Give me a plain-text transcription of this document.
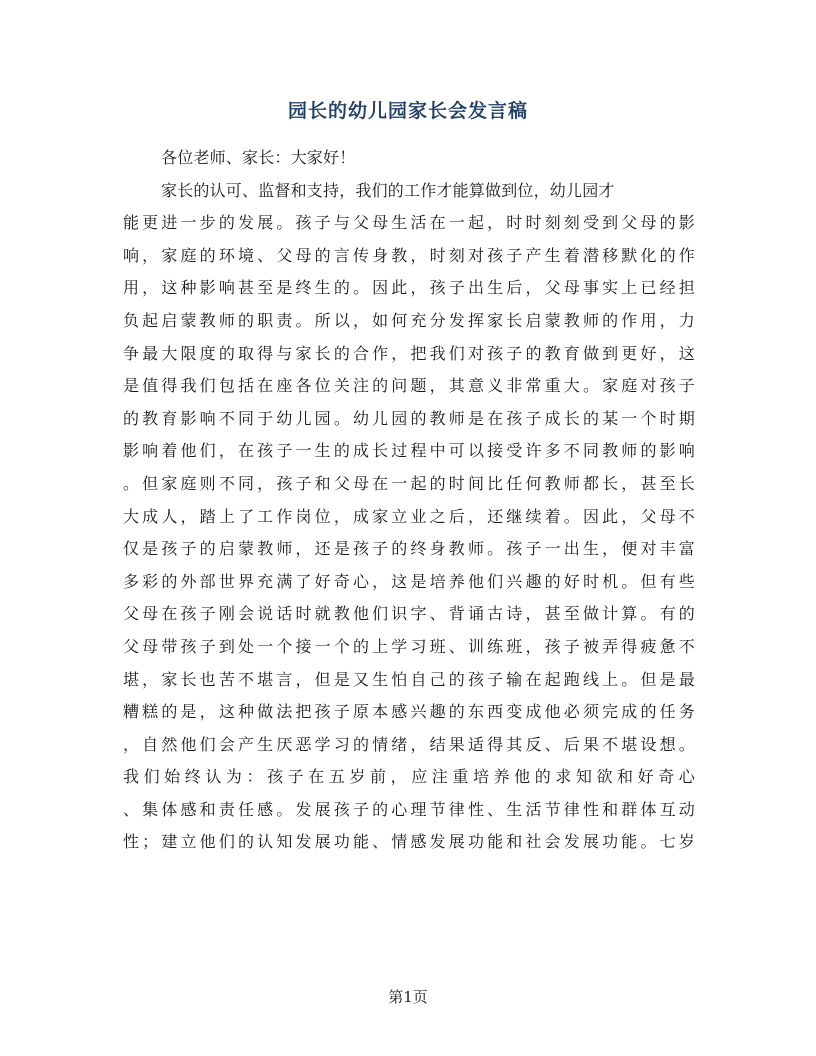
园长的幼儿园家长会发言稿
各位老师、家长：大家好！
家长的认可、监督和支持，我们的工作才能算做到位，幼儿园才
能更进一步的发展。孩子与父母生活在一起，时时刻刻受到父母的影
响，家庭的环境、父母的言传身教，时刻对孩子产生着潜移默化的作
用，这种影响甚至是终生的。因此，孩子出生后，父母事实上已经担
负起启蒙教师的职责。所以，如何充分发挥家长启蒙教师的作用，力
争最大限度的取得与家长的合作，把我们对孩子的教育做到更好，这
是值得我们包括在座各位关注的问题，其意义非常重大。家庭对孩子
的教育影响不同于幼儿园。幼儿园的教师是在孩子成长的某一个时期
影响着他们，在孩子一生的成长过程中可以接受许多不同教师的影响
。但家庭则不同，孩子和父母在一起的时间比任何教师都长，甚至长
大成人，踏上了工作岗位，成家立业之后，还继续着。因此，父母不
仅是孩子的启蒙教师，还是孩子的终身教师。孩子一出生，便对丰富
多彩的外部世界充满了好奇心，这是培养他们兴趣的好时机。但有些
父母在孩子刚会说话时就教他们识字、背诵古诗，甚至做计算。有的
父母带孩子到处一个接一个的上学习班、训练班，孩子被弄得疲惫不
堪，家长也苦不堪言，但是又生怕自己的孩子输在起跑线上。但是最
糟糕的是，这种做法把孩子原本感兴趣的东西变成他必须完成的任务
，自然他们会产生厌恶学习的情绪，结果适得其反、后果不堪设想。
我们始终认为：孩子在五岁前，应注重培养他的求知欲和好奇心
、集体感和责任感。发展孩子的心理节律性、生活节律性和群体互动
性；建立他们的认知发展功能、情感发展功能和社会发展功能。七岁
第1页
